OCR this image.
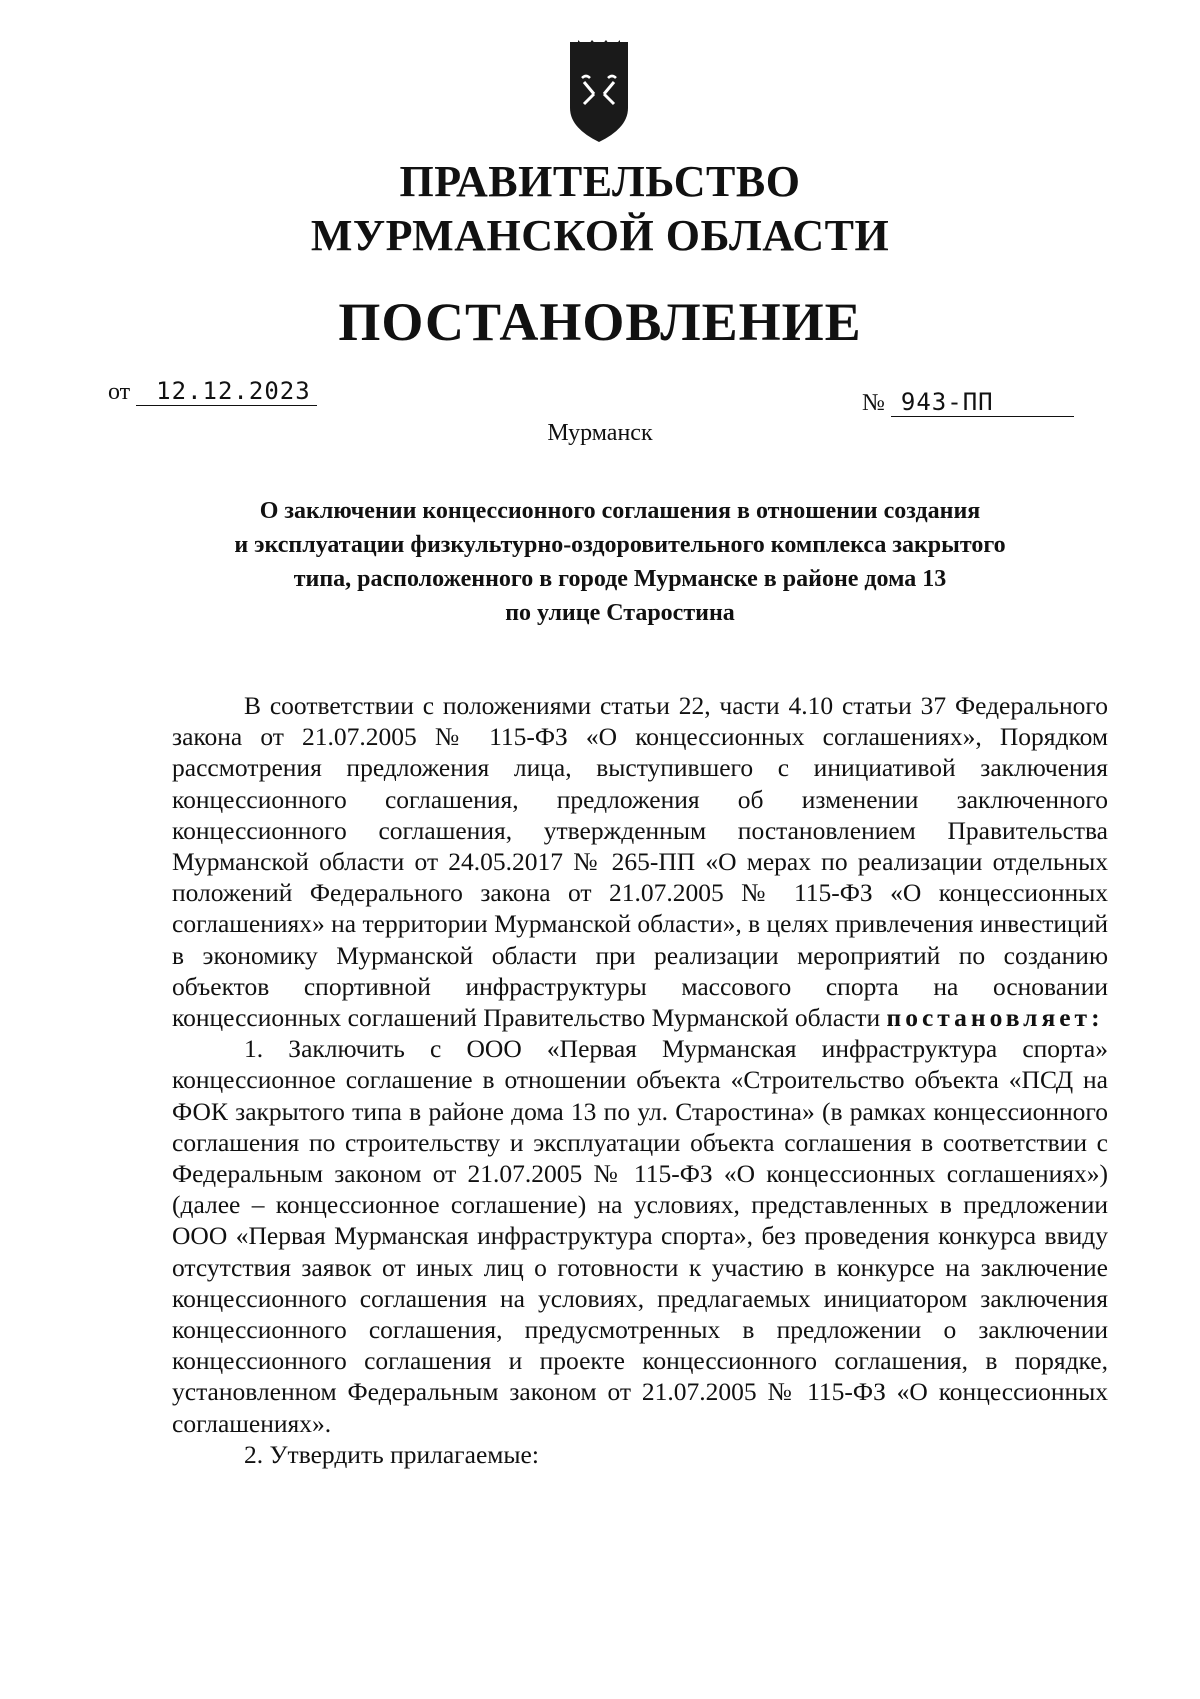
ПРАВИТЕЛЬСТВО
МУРМАНСКОЙ ОБЛАСТИ
ПОСТАНОВЛЕНИЕ
от 12.12.2023	№ 943-ПП
Мурманск
О заключении концессионного соглашения в отношении создания
и эксплуатации физкультурно-оздоровительного комплекса закрытого
типа, расположенного в городе Мурманске в районе дома 13
по улице Старостина

В соответствии с положениями статьи 22, части 4.10 статьи 37 Федерального закона от 21.07.2005 № 115-ФЗ «О концессионных соглашениях», Порядком рассмотрения предложения лица, выступившего с инициативой заключения концессионного соглашения, предложения об изменении заключенного концессионного соглашения, утвержденным постановлением Правительства Мурманской области от 24.05.2017 № 265-ПП «О мерах по реализации отдельных положений Федерального закона от 21.07.2005 № 115-ФЗ «О концессионных соглашениях» на территории Мурманской области», в целях привлечения инвестиций в экономику Мурманской области при реализации мероприятий по созданию объектов спортивной инфраструктуры массового спорта на основании концессионных соглашений Правительство Мурманской области постановляет:

1. Заключить с ООО «Первая Мурманская инфраструктура спорта» концессионное соглашение в отношении объекта «Строительство объекта «ПСД на ФОК закрытого типа в районе дома 13 по ул. Старостина» (в рамках концессионного соглашения по строительству и эксплуатации объекта соглашения в соответствии с Федеральным законом от 21.07.2005 № 115-ФЗ «О концессионных соглашениях») (далее – концессионное соглашение) на условиях, представленных в предложении ООО «Первая Мурманская инфраструктура спорта», без проведения конкурса ввиду отсутствия заявок от иных лиц о готовности к участию в конкурсе на заключение концессионного соглашения на условиях, предлагаемых инициатором заключения концессионного соглашения, предусмотренных в предложении о заключении концессионного соглашения и проекте концессионного соглашения, в порядке, установленном Федеральным законом от 21.07.2005 № 115-ФЗ «О концессионных соглашениях».

2. Утвердить прилагаемые:
